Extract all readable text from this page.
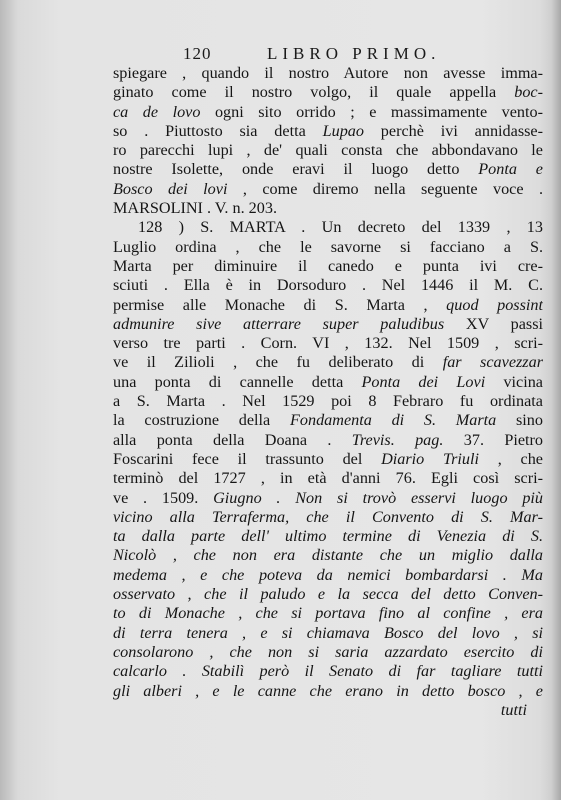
120	LIBRO PRIMO.
spiegare , quando il nostro Autore non avesse imma-
ginato come il nostro volgo, il quale appella boc-
ca de lovo ogni sito orrido ; e massimamente vento-
so . Piuttosto sia detta Lupao perchè ivi annidasse-
ro parecchi lupi , de' quali consta che abbondavano le
nostre Isolette, onde eravi il luogo detto Ponta e
Bosco dei lovi , come diremo nella seguente voce .
MARSOLINI . V. n. 203.
128 ) S. MARTA . Un decreto del 1339 , 13
Luglio ordina , che le savorne si facciano a S.
Marta per diminuire il canedo e punta ivi cre-
sciuti . Ella è in Dorsoduro . Nel 1446 il M. C.
permise alle Monache di S. Marta , quod possint
admunire sive atterrare super paludibus XV passi
verso tre parti . Corn. VI , 132. Nel 1509 , scri-
ve il Zilioli , che fu deliberato di far scavezzar
una ponta di cannelle detta Ponta dei Lovi vicina
a S. Marta . Nel 1529 poi 8 Febraro fu ordinata
la costruzione della Fondamenta di S. Marta sino
alla ponta della Doana . Trevis. pag. 37. Pietro
Foscarini fece il trassunto del Diario Triuli , che
terminò del 1727 , in età d'anni 76. Egli così scri-
ve . 1509. Giugno . Non si trovò esservi luogo più
vicino alla Terraferma, che il Convento di S. Mar-
ta dalla parte dell' ultimo termine di Venezia di S.
Nicolò , che non era distante che un miglio dalla
medema , e che poteva da nemici bombardarsi . Ma
osservato , che il paludo e la secca del detto Conven-
to di Monache , che si portava fino al confine , era
di terra tenera , e si chiamava Bosco del lovo , si
consolarono , che non si saria azzardato esercito di
calcarlo . Stabilì però il Senato di far tagliare tutti
gli alberi , e le canne che erano in detto bosco , e
tutti
